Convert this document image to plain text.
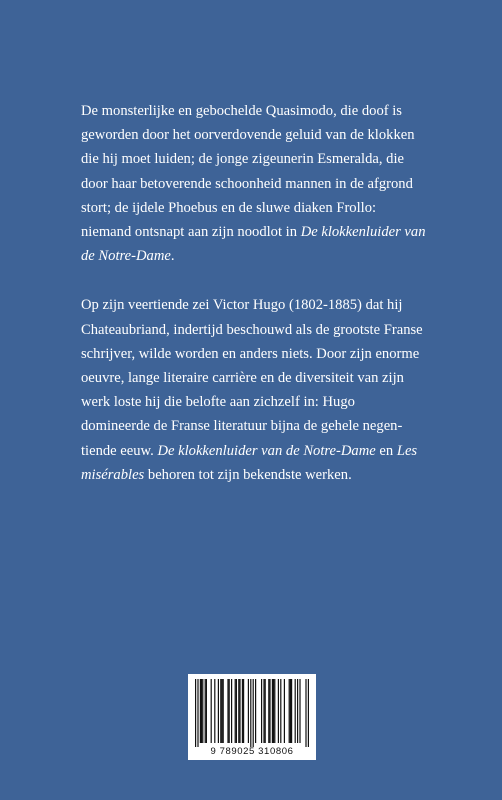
De monsterlijke en gebochelde Quasimodo, die doof is geworden door het oorverdovende geluid van de klokken die hij moet luiden; de jonge zigeunerin Esmeralda, die door haar betoverende schoonheid mannen in de afgrond stort; de ijdele Phoebus en de sluwe diaken Frollo: niemand ontsnapt aan zijn noodlot in De klokkenluider van de Notre-Dame.

Op zijn veertiende zei Victor Hugo (1802-1885) dat hij Chateaubriand, indertijd beschouwd als de grootste Franse schrijver, wilde worden en anders niets. Door zijn enorme oeuvre, lange literaire carrière en de diversiteit van zijn werk loste hij die belofte aan zichzelf in: Hugo domineerde de Franse literatuur bijna de gehele negen-tiende eeuw. De klokkenluider van de Notre-Dame en Les misérables behoren tot zijn bekendste werken.

9 789025 310806
